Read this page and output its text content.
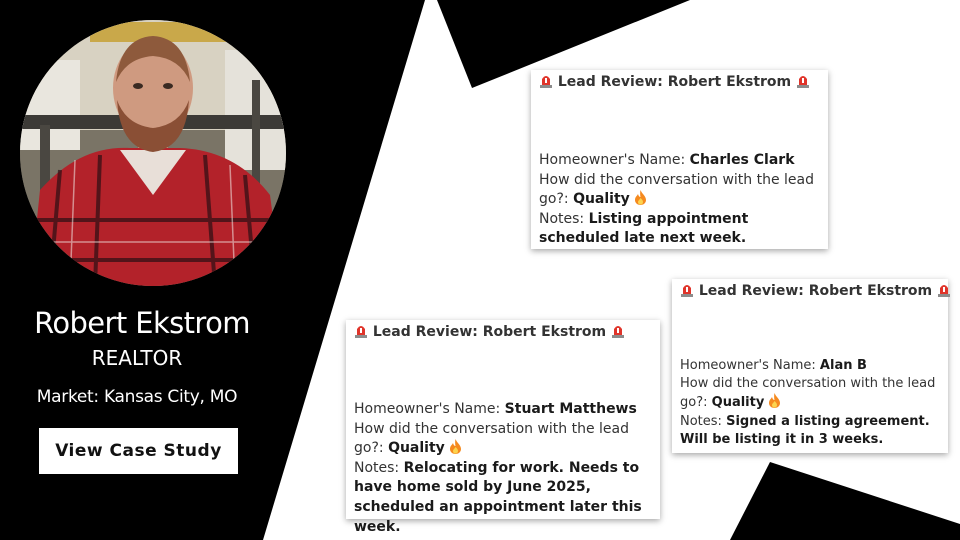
Robert Ekstrom
REALTOR
Market: Kansas City, MO
View Case Study
Lead Review: Robert Ekstrom
Homeowner's Name: Charles Clark
How did the conversation with the lead go?: Quality
Notes: Listing appointment scheduled late next week.
Lead Review: Robert Ekstrom
Homeowner's Name: Alan B
How did the conversation with the lead go?: Quality
Notes: Signed a listing agreement. Will be listing it in 3 weeks.
Lead Review: Robert Ekstrom
Homeowner's Name: Stuart Matthews
How did the conversation with the lead go?: Quality
Notes: Relocating for work. Needs to have home sold by June 2025, scheduled an appointment later this week.
